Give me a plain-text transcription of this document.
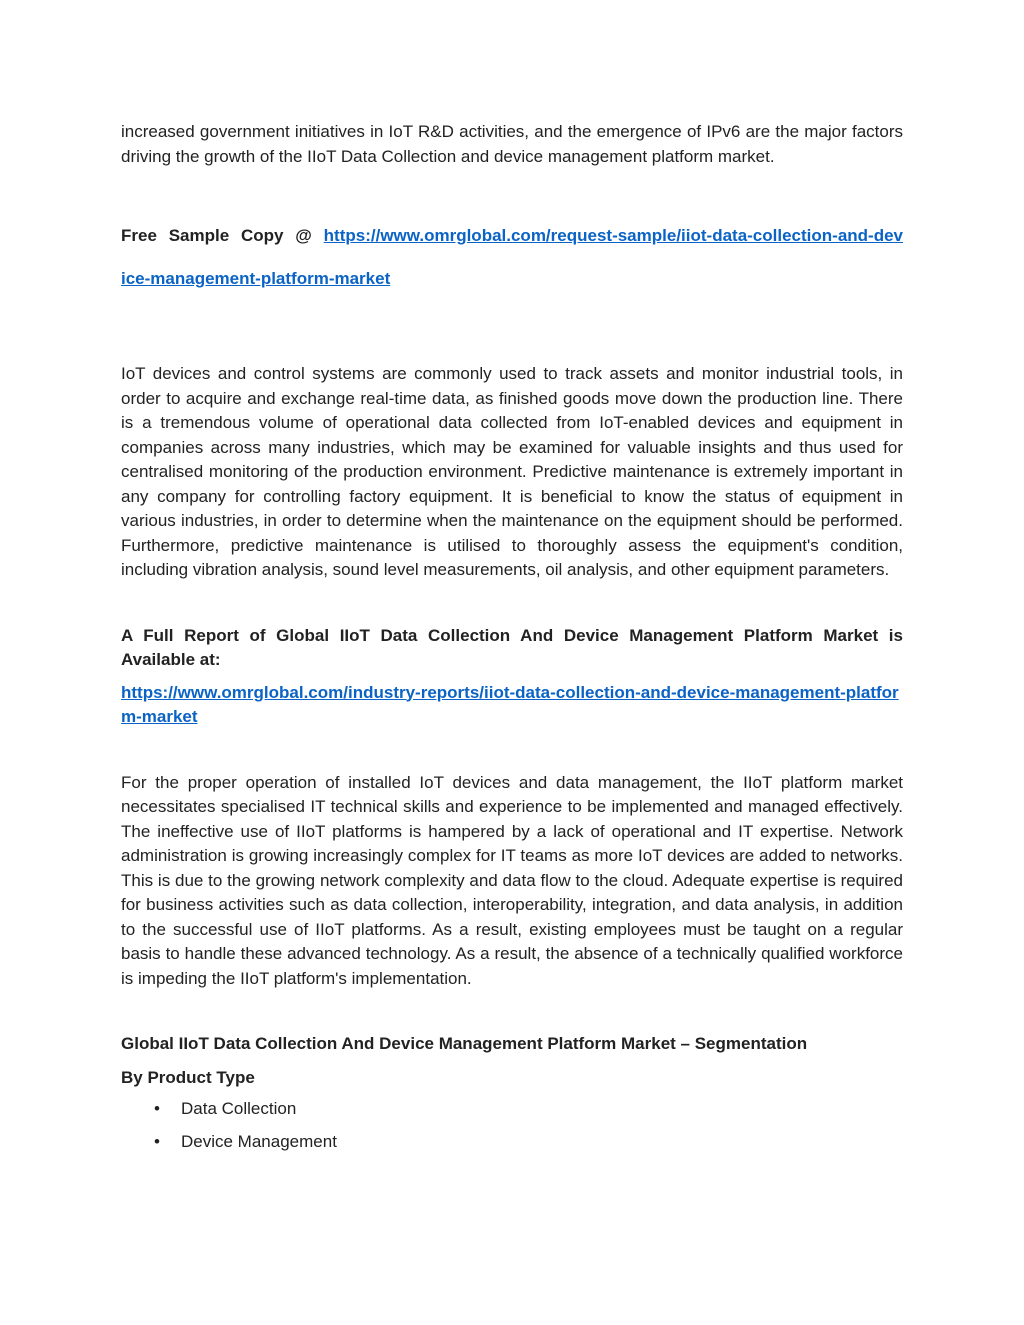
increased government initiatives in IoT R&D activities, and the emergence of IPv6 are the major factors driving the growth of the IIoT Data Collection and device management platform market.

Free Sample Copy @ https://www.omrglobal.com/request-sample/iiot-data-collection-and-device-management-platform-market

IoT devices and control systems are commonly used to track assets and monitor industrial tools, in order to acquire and exchange real-time data, as finished goods move down the production line. There is a tremendous volume of operational data collected from IoT-enabled devices and equipment in companies across many industries, which may be examined for valuable insights and thus used for centralised monitoring of the production environment. Predictive maintenance is extremely important in any company for controlling factory equipment. It is beneficial to know the status of equipment in various industries, in order to determine when the maintenance on the equipment should be performed. Furthermore, predictive maintenance is utilised to thoroughly assess the equipment's condition, including vibration analysis, sound level measurements, oil analysis, and other equipment parameters.

A Full Report of Global IIoT Data Collection And Device Management Platform Market is Available at:

https://www.omrglobal.com/industry-reports/iiot-data-collection-and-device-management-platform-market

For the proper operation of installed IoT devices and data management, the IIoT platform market necessitates specialised IT technical skills and experience to be implemented and managed effectively. The ineffective use of IIoT platforms is hampered by a lack of operational and IT expertise. Network administration is growing increasingly complex for IT teams as more IoT devices are added to networks. This is due to the growing network complexity and data flow to the cloud. Adequate expertise is required for business activities such as data collection, interoperability, integration, and data analysis, in addition to the successful use of IIoT platforms. As a result, existing employees must be taught on a regular basis to handle these advanced technology. As a result, the absence of a technically qualified workforce is impeding the IIoT platform's implementation.

Global IIoT Data Collection And Device Management Platform Market – Segmentation

By Product Type

• Data Collection
• Device Management
